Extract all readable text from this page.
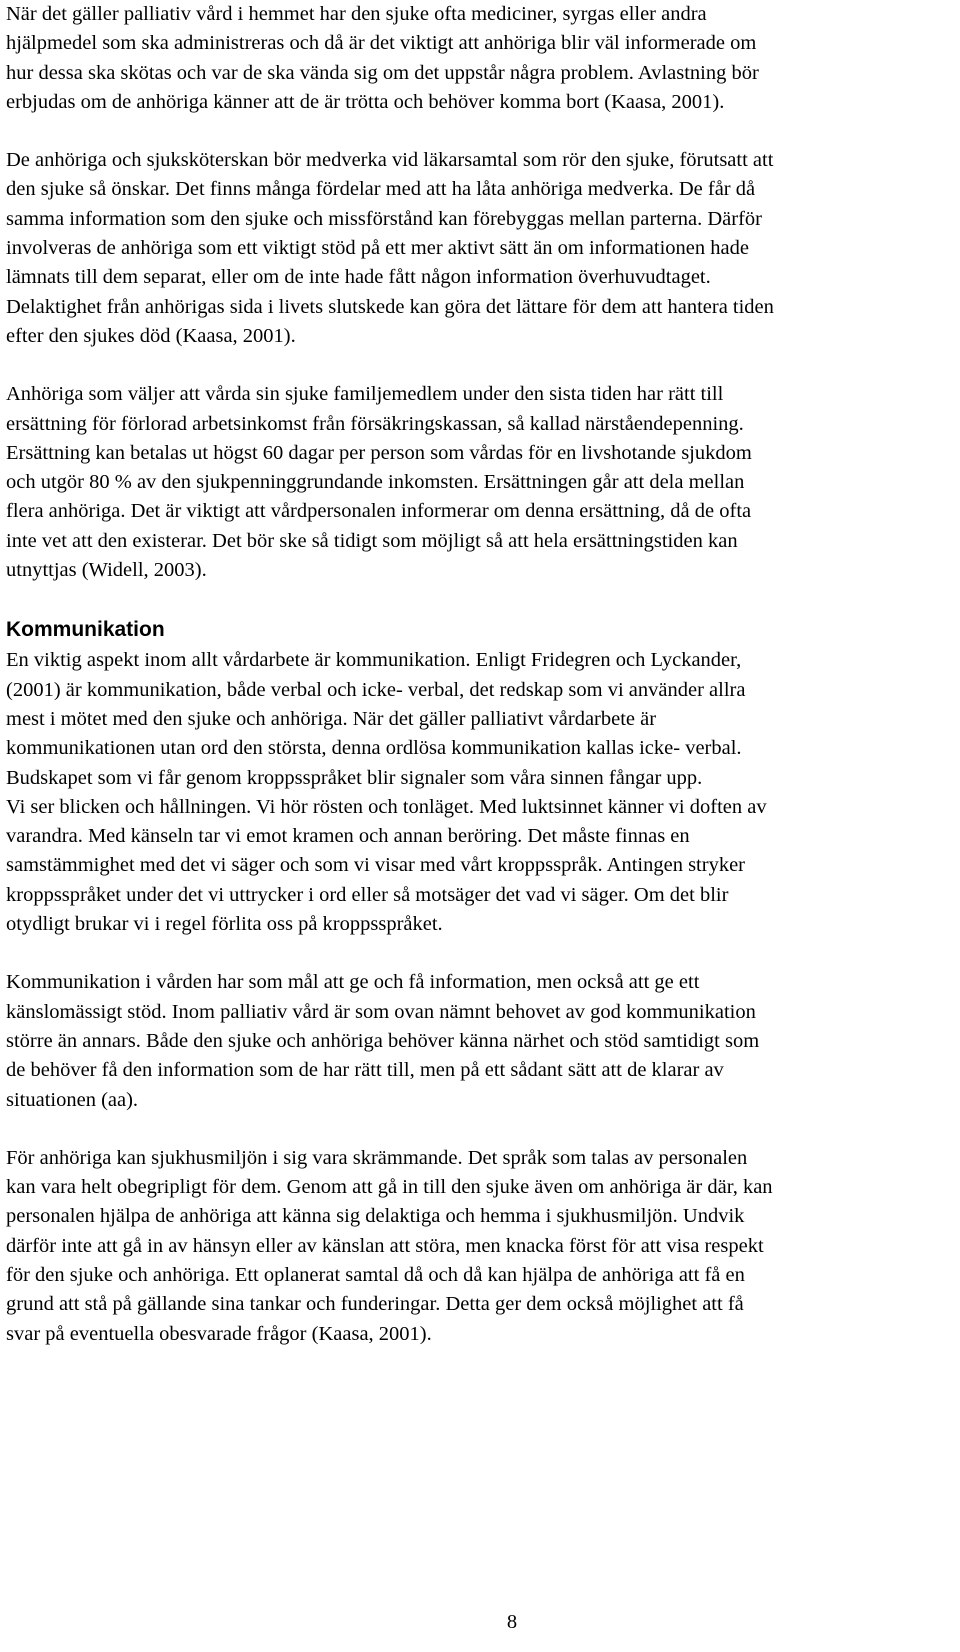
När det gäller palliativ vård i hemmet har den sjuke ofta mediciner, syrgas eller andra
hjälpmedel som ska administreras och då är det viktigt att anhöriga blir väl informerade om
hur dessa ska skötas och var de ska vända sig om det uppstår några problem. Avlastning bör
erbjudas om de anhöriga känner att de är trötta och behöver komma bort (Kaasa, 2001).

De anhöriga och sjuksköterskan bör medverka vid läkarsamtal som rör den sjuke, förutsatt att
den sjuke så önskar. Det finns många fördelar med att ha låta anhöriga medverka. De får då
samma information som den sjuke och missförstånd kan förebyggas mellan parterna. Därför
involveras de anhöriga som ett viktigt stöd på ett mer aktivt sätt än om informationen hade
lämnats till dem separat, eller om de inte hade fått någon information överhuvudtaget.
Delaktighet från anhörigas sida i livets slutskede kan göra det lättare för dem att hantera tiden
efter den sjukes död (Kaasa, 2001).

Anhöriga som väljer att vårda sin sjuke familjemedlem under den sista tiden har rätt till
ersättning för förlorad arbetsinkomst från försäkringskassan, så kallad närståendepenning.
Ersättning kan betalas ut högst 60 dagar per person som vårdas för en livshotande sjukdom
och utgör 80 % av den sjukpenninggrundande inkomsten. Ersättningen går att dela mellan
flera anhöriga. Det är viktigt att vårdpersonalen informerar om denna ersättning, då de ofta
inte vet att den existerar. Det bör ske så tidigt som möjligt så att hela ersättningstiden kan
utnyttjas (Widell, 2003).

Kommunikation

En viktig aspekt inom allt vårdarbete är kommunikation. Enligt Fridegren och Lyckander,
(2001) är kommunikation, både verbal och icke- verbal, det redskap som vi använder allra
mest i mötet med den sjuke och anhöriga. När det gäller palliativt vårdarbete är
kommunikationen utan ord den största, denna ordlösa kommunikation kallas icke- verbal.
Budskapet som vi får genom kroppsspråket blir signaler som våra sinnen fångar upp.
Vi ser blicken och hållningen. Vi hör rösten och tonläget. Med luktsinnet känner vi doften av
varandra. Med känseln tar vi emot kramen och annan beröring. Det måste finnas en
samstämmighet med det vi säger och som vi visar med vårt kroppsspråk. Antingen stryker
kroppsspråket under det vi uttrycker i ord eller så motsäger det vad vi säger. Om det blir
otydligt brukar vi i regel förlita oss på kroppsspråket.

Kommunikation i vården har som mål att ge och få information, men också att ge ett
känslomässigt stöd. Inom palliativ vård är som ovan nämnt behovet av god kommunikation
större än annars. Både den sjuke och anhöriga behöver känna närhet och stöd samtidigt som
de behöver få den information som de har rätt till, men på ett sådant sätt att de klarar av
situationen (aa).

För anhöriga kan sjukhusmiljön i sig vara skrämmande. Det språk som talas av personalen
kan vara helt obegripligt för dem. Genom att gå in till den sjuke även om anhöriga är där, kan
personalen hjälpa de anhöriga att känna sig delaktiga och hemma i sjukhusmiljön. Undvik
därför inte att gå in av hänsyn eller av känslan att störa, men knacka först för att visa respekt
för den sjuke och anhöriga. Ett oplanerat samtal då och då kan hjälpa de anhöriga att få en
grund att stå på gällande sina tankar och funderingar. Detta ger dem också möjlighet att få
svar på eventuella obesvarade frågor (Kaasa, 2001).

8
